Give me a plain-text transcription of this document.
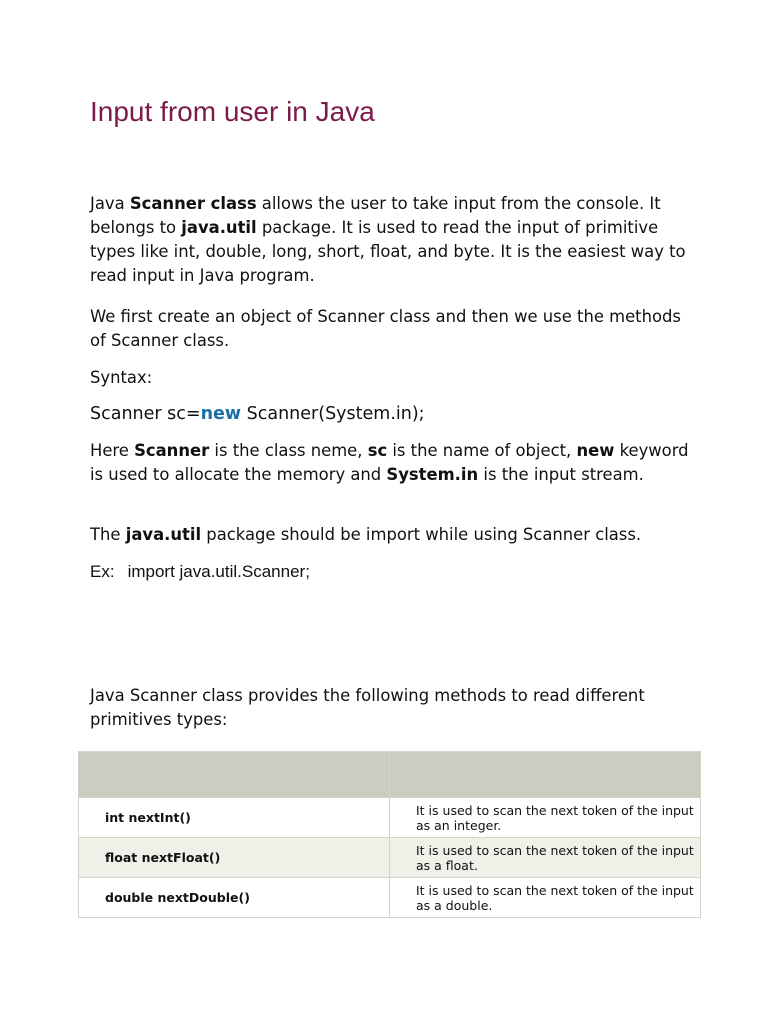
Input from user in Java

Java Scanner class allows the user to take input from the console. It belongs to java.util package. It is used to read the input of primitive types like int, double, long, short, float, and byte. It is the easiest way to read input in Java program.

We first create an object of Scanner class and then we use the methods of Scanner class.

Syntax:

Scanner sc=new Scanner(System.in);

Here Scanner is the class neme, sc is the name of object, new keyword is used to allocate the memory and System.in is the input stream.

The java.util package should be import while using Scanner class.

Ex: import java.util.Scanner;

Java Scanner class provides the following methods to read different primitives types:

int nextInt()	It is used to scan the next token of the input as an integer.
float nextFloat()	It is used to scan the next token of the input as a float.
double nextDouble()	It is used to scan the next token of the input as a double.
